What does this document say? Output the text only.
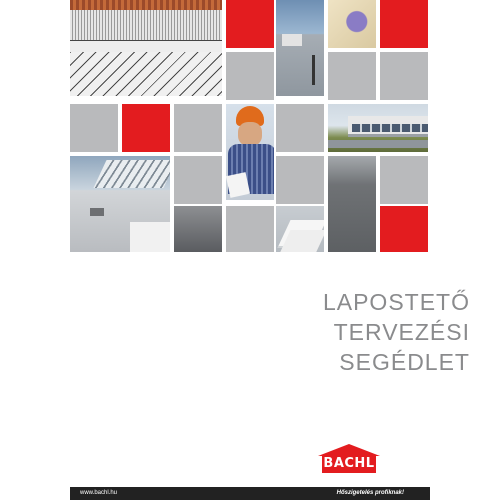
LAPOSTETŐ
TERVEZÉSI
SEGÉDLET
BACHL
www.bachl.hu	Hőszigetelés profiknak!
